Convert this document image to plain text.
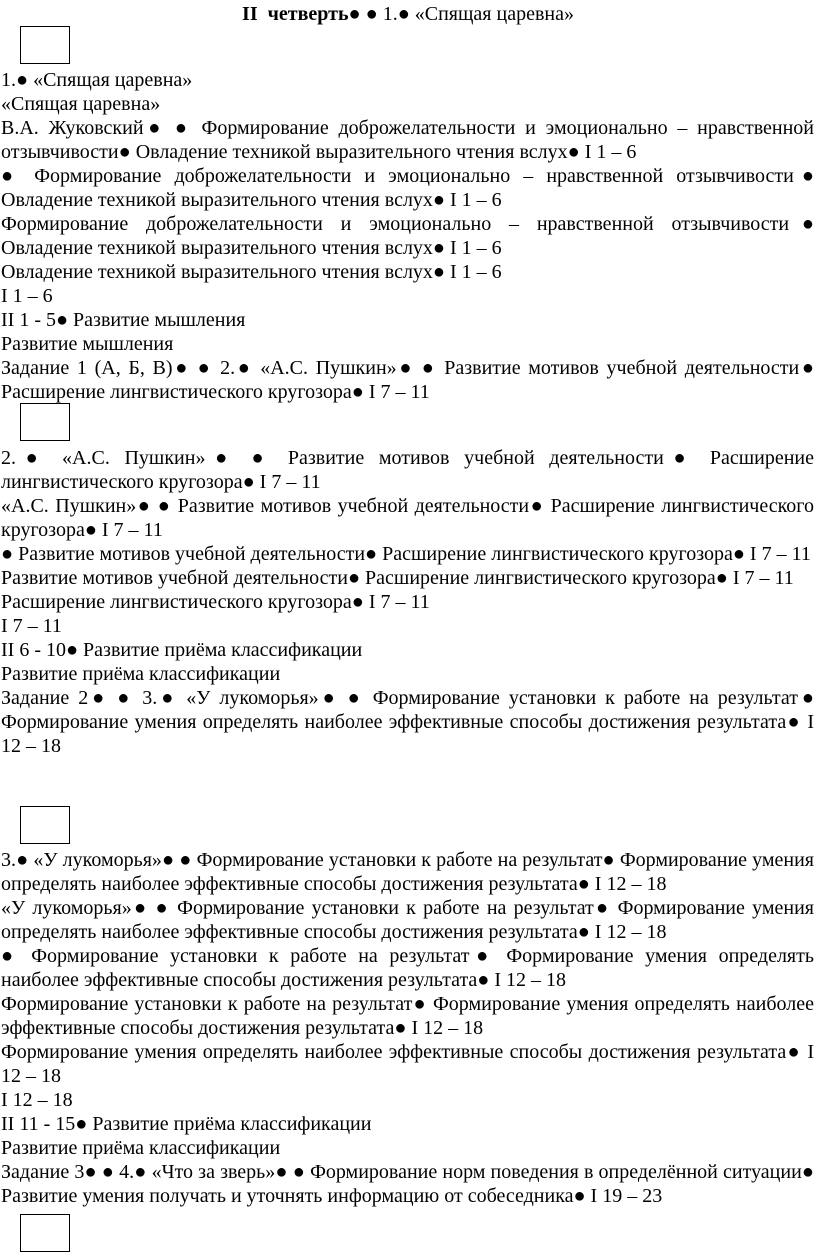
II  четверть● ● 1.● «Спящая царевна»

1.● «Спящая царевна»

«Спящая царевна»

В.А. Жуковский● ● Формирование доброжелательности и эмоционально – нравственной отзывчивости● Овладение техникой выразительного чтения вслух● I 1 – 6

● Формирование доброжелательности и эмоционально – нравственной отзывчивости● Овладение техникой выразительного чтения вслух● I 1 – 6

Формирование доброжелательности и эмоционально – нравственной отзывчивости● Овладение техникой выразительного чтения вслух● I 1 – 6

Овладение техникой выразительного чтения вслух● I 1 – 6

I 1 – 6

II 1 - 5● Развитие мышления

Развитие мышления

Задание 1 (А, Б, В)● ● 2.● «А.С. Пушкин»● ● Развитие мотивов учебной деятельности● Расширение лингвистического кругозора● I 7 – 11

2.● «А.С. Пушкин»● ● Развитие мотивов учебной деятельности● Расширение лингвистического кругозора● I 7 – 11

«А.С. Пушкин»● ● Развитие мотивов учебной деятельности● Расширение лингвистического кругозора● I 7 – 11

● Развитие мотивов учебной деятельности● Расширение лингвистического кругозора● I 7 – 11

Развитие мотивов учебной деятельности● Расширение лингвистического кругозора● I 7 – 11

Расширение лингвистического кругозора● I 7 – 11

I 7 – 11

II 6 - 10● Развитие приёма классификации

Развитие приёма классификации

Задание 2● ● 3.● «У лукоморья»● ● Формирование установки к работе на результат● Формирование умения определять наиболее эффективные способы достижения результата● I 12 – 18

3.● «У лукоморья»● ● Формирование установки к работе на результат● Формирование умения определять наиболее эффективные способы достижения результата● I 12 – 18

«У лукоморья»● ● Формирование установки к работе на результат● Формирование умения определять наиболее эффективные способы достижения результата● I 12 – 18

● Формирование установки к работе на результат● Формирование умения определять наиболее эффективные способы достижения результата● I 12 – 18

Формирование установки к работе на результат● Формирование умения определять наиболее эффективные способы достижения результата● I 12 – 18

Формирование умения определять наиболее эффективные способы достижения результата● I 12 – 18

I 12 – 18

II 11 - 15● Развитие приёма классификации

Развитие приёма классификации

Задание 3● ● 4.● «Что за зверь»● ● Формирование норм поведения в определённой ситуации● Развитие умения получать и уточнять информацию от собеседника● I 19 – 23
